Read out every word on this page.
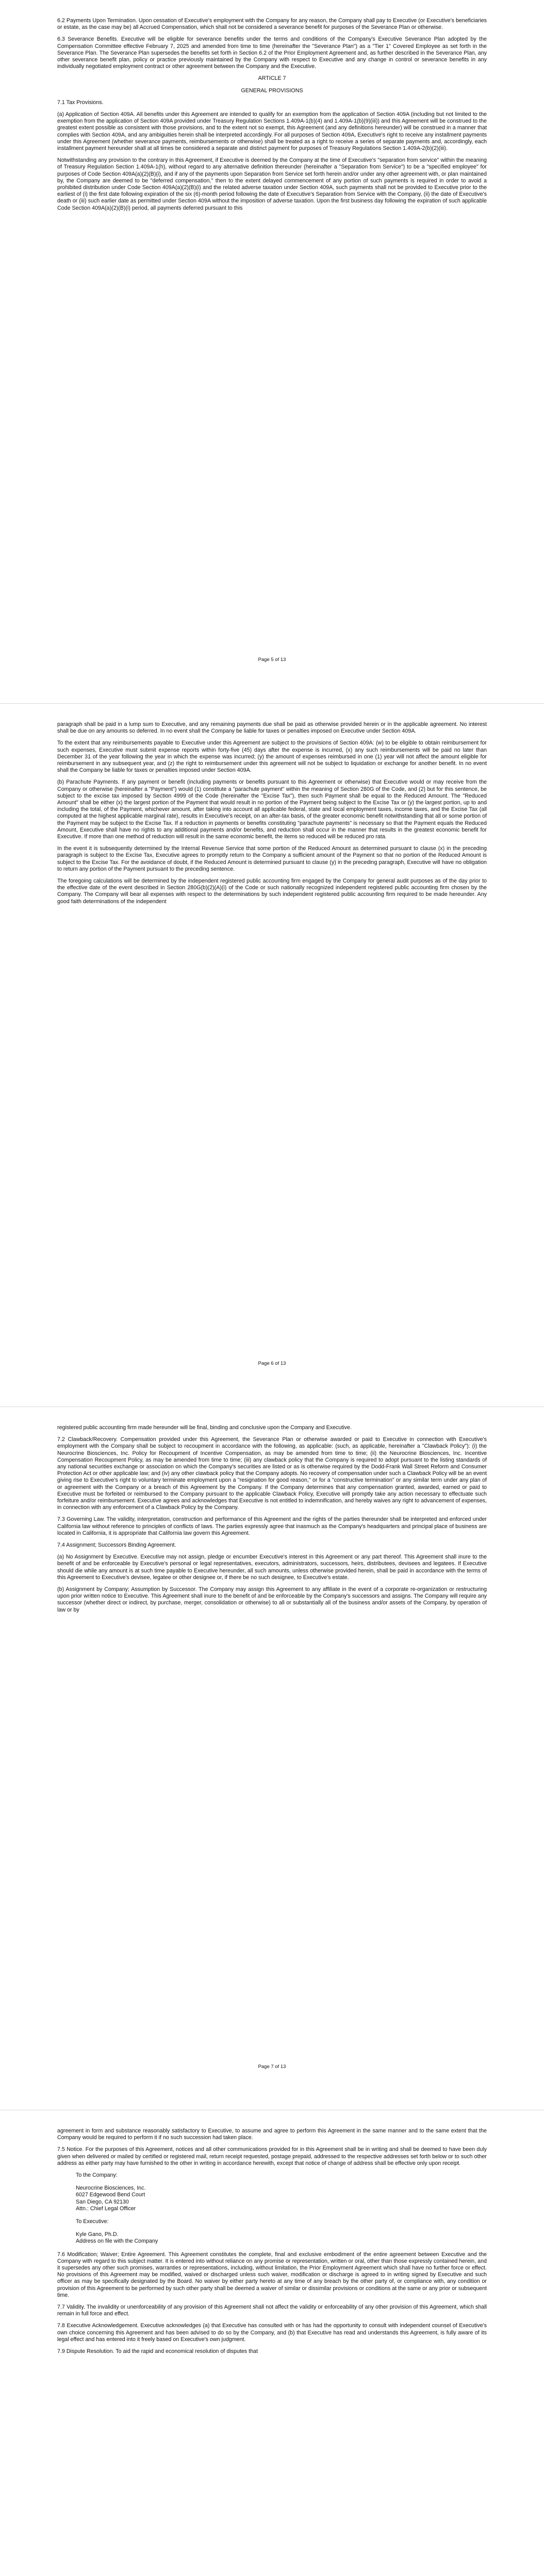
6.2 Payments Upon Termination. Upon cessation of Executive's employment with the Company for any reason, the Company shall pay to Executive (or Executive's beneficiaries or estate, as the case may be) all Accrued Compensation, which shall not be considered a severance benefit for purposes of the Severance Plan or otherwise.

6.3 Severance Benefits. Executive will be eligible for severance benefits under the terms and conditions of the Company's Executive Severance Plan adopted by the Compensation Committee effective February 7, 2025 and amended from time to time (hereinafter the "Severance Plan") as a "Tier 1" Covered Employee as set forth in the Severance Plan. The Severance Plan supersedes the benefits set forth in Section 6.2 of the Prior Employment Agreement and, as further described in the Severance Plan, any other severance benefit plan, policy or practice previously maintained by the Company with respect to Executive and any change in control or severance benefits in any individually negotiated employment contract or other agreement between the Company and the Executive.

ARTICLE 7

GENERAL PROVISIONS

7.1 Tax Provisions.

(a) Application of Section 409A. All benefits under this Agreement are intended to qualify for an exemption from the application of Section 409A (including but not limited to the exemption from the application of Section 409A provided under Treasury Regulation Sections 1.409A-1(b)(4) and 1.409A-1(b)(9)(iii)) and this Agreement will be construed to the greatest extent possible as consistent with those provisions, and to the extent not so exempt, this Agreement (and any definitions hereunder) will be construed in a manner that complies with Section 409A, and any ambiguities herein shall be interpreted accordingly. For all purposes of Section 409A, Executive's right to receive any installment payments under this Agreement (whether severance payments, reimbursements or otherwise) shall be treated as a right to receive a series of separate payments and, accordingly, each installment payment hereunder shall at all times be considered a separate and distinct payment for purposes of Treasury Regulations Section 1.409A-2(b)(2)(iii).

Notwithstanding any provision to the contrary in this Agreement, if Executive is deemed by the Company at the time of Executive's "separation from service" within the meaning of Treasury Regulation Section 1.409A-1(h), without regard to any alternative definition thereunder (hereinafter a "Separation from Service") to be a "specified employee" for purposes of Code Section 409A(a)(2)(B)(i), and if any of the payments upon Separation from Service set forth herein and/or under any other agreement with, or plan maintained by, the Company are deemed to be "deferred compensation," then to the extent delayed commencement of any portion of such payments is required in order to avoid a prohibited distribution under Code Section 409A(a)(2)(B)(i) and the related adverse taxation under Section 409A, such payments shall not be provided to Executive prior to the earliest of (i) the first date following expiration of the six (6)-month period following the date of Executive's Separation from Service with the Company, (ii) the date of Executive's death or (iii) such earlier date as permitted under Section 409A without the imposition of adverse taxation. Upon the first business day following the expiration of such applicable Code Section 409A(a)(2)(B)(i) period, all payments deferred pursuant to this

Page 5 of 13

paragraph shall be paid in a lump sum to Executive, and any remaining payments due shall be paid as otherwise provided herein or in the applicable agreement. No interest shall be due on any amounts so deferred. In no event shall the Company be liable for taxes or penalties imposed on Executive under Section 409A.

To the extent that any reimbursements payable to Executive under this Agreement are subject to the provisions of Section 409A: (w) to be eligible to obtain reimbursement for such expenses, Executive must submit expense reports within forty-five (45) days after the expense is incurred, (x) any such reimbursements will be paid no later than December 31 of the year following the year in which the expense was incurred; (y) the amount of expenses reimbursed in one (1) year will not affect the amount eligible for reimbursement in any subsequent year, and (z) the right to reimbursement under this agreement will not be subject to liquidation or exchange for another benefit. In no event shall the Company be liable for taxes or penalties imposed under Section 409A.

(b) Parachute Payments. If any payment or benefit (including payments or benefits pursuant to this Agreement or otherwise) that Executive would or may receive from the Company or otherwise (hereinafter a "Payment") would (1) constitute a "parachute payment" within the meaning of Section 280G of the Code, and (2) but for this sentence, be subject to the excise tax imposed by Section 4999 of the Code (hereinafter the "Excise Tax"), then such Payment shall be equal to the Reduced Amount. The "Reduced Amount" shall be either (x) the largest portion of the Payment that would result in no portion of the Payment being subject to the Excise Tax or (y) the largest portion, up to and including the total, of the Payment, whichever amount, after taking into account all applicable federal, state and local employment taxes, income taxes, and the Excise Tax (all computed at the highest applicable marginal rate), results in Executive's receipt, on an after-tax basis, of the greater economic benefit notwithstanding that all or some portion of the Payment may be subject to the Excise Tax. If a reduction in payments or benefits constituting "parachute payments" is necessary so that the Payment equals the Reduced Amount, Executive shall have no rights to any additional payments and/or benefits, and reduction shall occur in the manner that results in the greatest economic benefit for Executive. If more than one method of reduction will result in the same economic benefit, the items so reduced will be reduced pro rata.

In the event it is subsequently determined by the Internal Revenue Service that some portion of the Reduced Amount as determined pursuant to clause (x) in the preceding paragraph is subject to the Excise Tax, Executive agrees to promptly return to the Company a sufficient amount of the Payment so that no portion of the Reduced Amount is subject to the Excise Tax. For the avoidance of doubt, if the Reduced Amount is determined pursuant to clause (y) in the preceding paragraph, Executive will have no obligation to return any portion of the Payment pursuant to the preceding sentence.

The foregoing calculations will be determined by the independent registered public accounting firm engaged by the Company for general audit purposes as of the day prior to the effective date of the event described in Section 280G(b)(2)(A)(i) of the Code or such nationally recognized independent registered public accounting firm chosen by the Company. The Company will bear all expenses with respect to the determinations by such independent registered public accounting firm required to be made hereunder. Any good faith determinations of the independent

Page 6 of 13

registered public accounting firm made hereunder will be final, binding and conclusive upon the Company and Executive.

7.2 Clawback/Recovery. Compensation provided under this Agreement, the Severance Plan or otherwise awarded or paid to Executive in connection with Executive's employment with the Company shall be subject to recoupment in accordance with the following, as applicable: (such, as applicable, hereinafter a "Clawback Policy"): (i) the Neurocrine Biosciences, Inc. Policy for Recoupment of Incentive Compensation, as may be amended from time to time; (ii) the Neurocrine Biosciences, Inc. Incentive Compensation Recoupment Policy, as may be amended from time to time; (iii) any clawback policy that the Company is required to adopt pursuant to the listing standards of any national securities exchange or association on which the Company's securities are listed or as is otherwise required by the Dodd-Frank Wall Street Reform and Consumer Protection Act or other applicable law; and (iv) any other clawback policy that the Company adopts. No recovery of compensation under such a Clawback Policy will be an event giving rise to Executive's right to voluntary terminate employment upon a "resignation for good reason," or for a "constructive termination" or any similar term under any plan of or agreement with the Company or a breach of this Agreement by the Company. If the Company determines that any compensation granted, awarded, earned or paid to Executive must be forfeited or reimbursed to the Company pursuant to the applicable Clawback Policy, Executive will promptly take any action necessary to effectuate such forfeiture and/or reimbursement. Executive agrees and acknowledges that Executive is not entitled to indemnification, and hereby waives any right to advancement of expenses, in connection with any enforcement of a Clawback Policy by the Company.

7.3 Governing Law. The validity, interpretation, construction and performance of this Agreement and the rights of the parties thereunder shall be interpreted and enforced under California law without reference to principles of conflicts of laws. The parties expressly agree that inasmuch as the Company's headquarters and principal place of business are located in California, it is appropriate that California law govern this Agreement.

7.4 Assignment; Successors Binding Agreement.

(a) No Assignment by Executive. Executive may not assign, pledge or encumber Executive's interest in this Agreement or any part thereof. This Agreement shall inure to the benefit of and be enforceable by Executive's personal or legal representatives, executors, administrators, successors, heirs, distributees, devisees and legatees. If Executive should die while any amount is at such time payable to Executive hereunder, all such amounts, unless otherwise provided herein, shall be paid in accordance with the terms of this Agreement to Executive's devisee, legatee or other designee or, if there be no such designee, to Executive's estate.

(b) Assignment by Company; Assumption by Successor. The Company may assign this Agreement to any affiliate in the event of a corporate re-organization or restructuring upon prior written notice to Executive. This Agreement shall inure to the benefit of and be enforceable by the Company's successors and assigns. The Company will require any successor (whether direct or indirect, by purchase, merger, consolidation or otherwise) to all or substantially all of the business and/or assets of the Company, by operation of law or by

Page 7 of 13

agreement in form and substance reasonably satisfactory to Executive, to assume and agree to perform this Agreement in the same manner and to the same extent that the Company would be required to perform it if no such succession had taken place.

7.5 Notice. For the purposes of this Agreement, notices and all other communications provided for in this Agreement shall be in writing and shall be deemed to have been duly given when delivered or mailed by certified or registered mail, return receipt requested, postage prepaid, addressed to the respective addresses set forth below or to such other address as either party may have furnished to the other in writing in accordance herewith, except that notice of change of address shall be effective only upon receipt.

To the Company:

Neurocrine Biosciences, Inc.
6027 Edgewood Bend Court
San Diego, CA 92130
Attn.: Chief Legal Officer

To Executive:

Kyle Gano, Ph.D.
Address on file with the Company

7.6 Modification; Waiver; Entire Agreement. This Agreement constitutes the complete, final and exclusive embodiment of the entire agreement between Executive and the Company with regard to this subject matter. It is entered into without reliance on any promise or representation, written or oral, other than those expressly contained herein, and it supersedes any other such promises, warranties or representations, including, without limitation, the Prior Employment Agreement which shall have no further force or effect. No provisions of this Agreement may be modified, waived or discharged unless such waiver, modification or discharge is agreed to in writing signed by Executive and such officer as may be specifically designated by the Board. No waiver by either party hereto at any time of any breach by the other party of, or compliance with, any condition or provision of this Agreement to be performed by such other party shall be deemed a waiver of similar or dissimilar provisions or conditions at the same or any prior or subsequent time.

7.7 Validity. The invalidity or unenforceability of any provision of this Agreement shall not affect the validity or enforceability of any other provision of this Agreement, which shall remain in full force and effect.

7.8 Executive Acknowledgement. Executive acknowledges (a) that Executive has consulted with or has had the opportunity to consult with independent counsel of Executive's own choice concerning this Agreement and has been advised to do so by the Company, and (b) that Executive has read and understands this Agreement, is fully aware of its legal effect and has entered into it freely based on Executive's own judgment.

7.9 Dispute Resolution. To aid the rapid and economical resolution of disputes that
